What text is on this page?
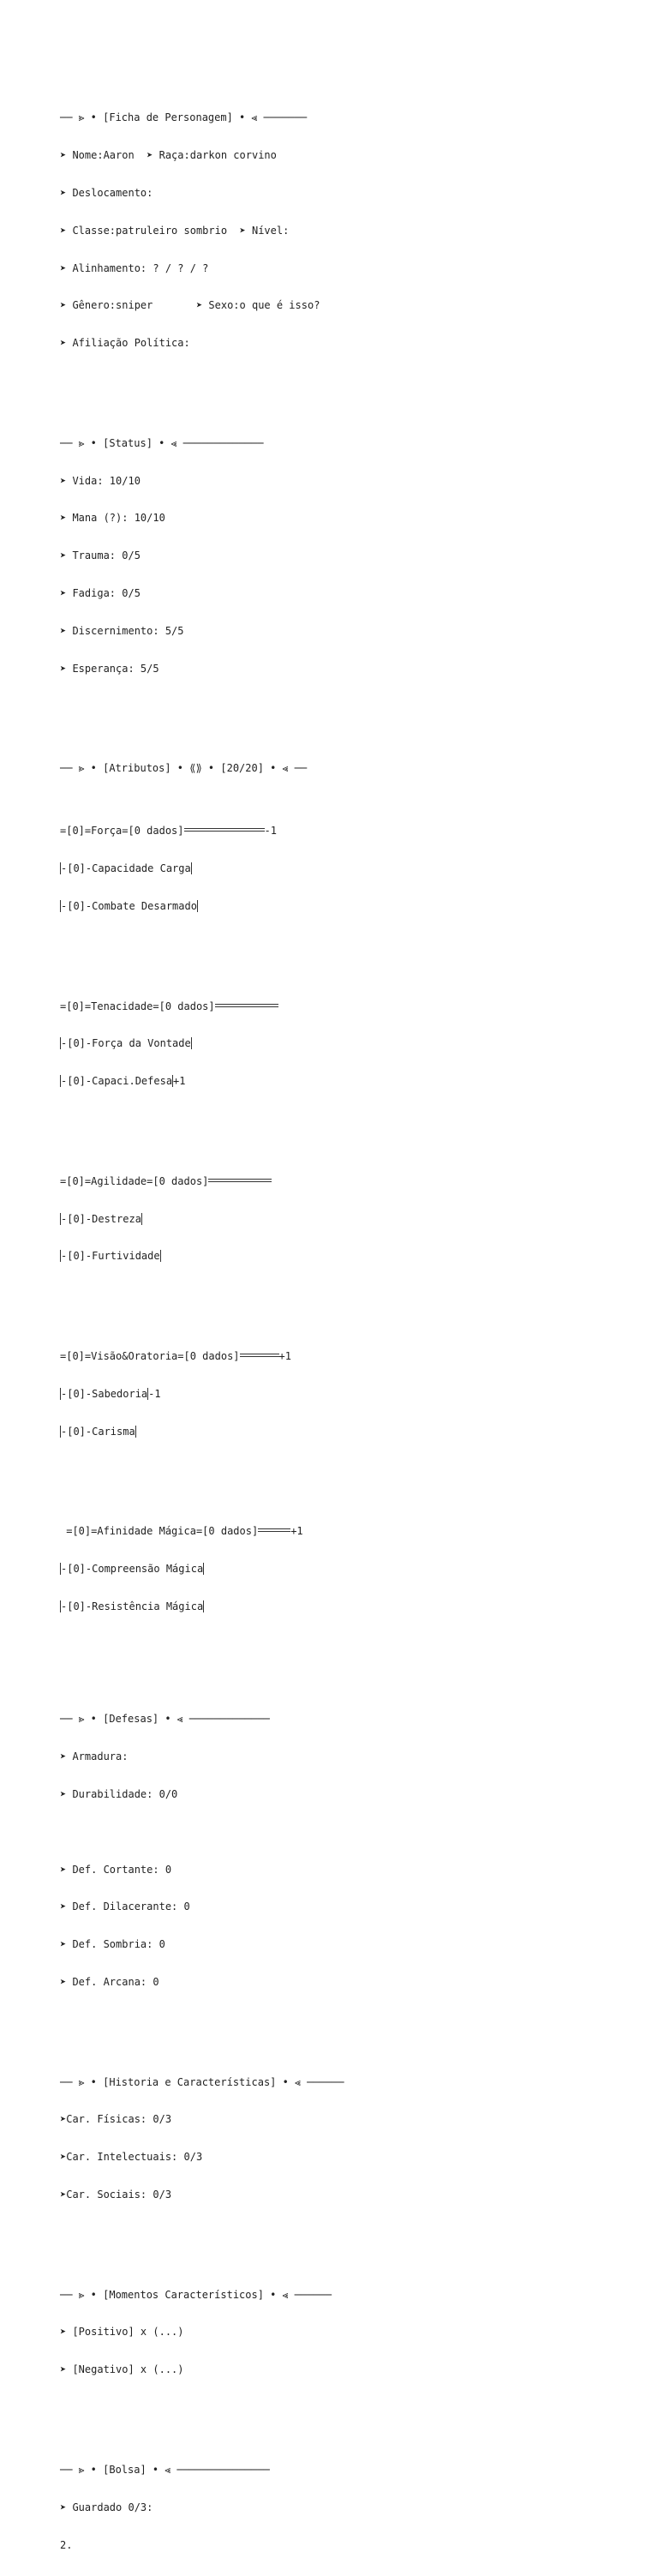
── ⪢ • [Ficha de Personagem] • ⪡ ───────

➤ Nome:Aaron  ➤ Raça:darkon corvino

➤ Deslocamento:

➤ Classe:patruleiro sombrio  ➤ Nível:

➤ Alinhamento: ? / ? / ?

➤ Gênero:sniper       ➤ Sexo:o que é isso?

➤ Afiliação Política:

── ⪢ • [Status] • ⪡ ─────────────

➤ Vida: 10/10

➤ Mana (?): 10/10

➤ Trauma: 0/5

➤ Fadiga: 0/5

➤ Discernimento: 5/5

➤ Esperança: 5/5

── ⪢ • [Atributos] • ⟪⟫ • [20/20] • ⪡ ──

=[0]=Força=[0 dados]	-1

-[0]-Capacidade Carga

-[0]-Combate Desarmado

=[0]=Tenacidade=[0 dados]

-[0]-Força da Vontade

-[0]-Capaci.Defesa+1

=[0]=Agilidade=[0 dados]

-[0]-Destreza

-[0]-Furtividade

=[0]=Visão&Oratoria=[0 dados]	+1

-[0]-Sabedoria-1

-[0]-Carisma

=[0]=Afinidade Mágica=[0 dados]	+1

-[0]-Compreensão Mágica

-[0]-Resistência Mágica

── ⪢ • [Defesas] • ⪡ ─────────────

➤ Armadura:

➤ Durabilidade: 0/0

➤ Def. Cortante: 0

➤ Def. Dilacerante: 0

➤ Def. Sombria: 0

➤ Def. Arcana: 0

── ⪢ • [Historia e Características] • ⪡ ──────

➤Car. Físicas: 0/3

➤Car. Intelectuais: 0/3

➤Car. Sociais: 0/3

── ⪢ • [Momentos Característicos] • ⪡ ──────

➤ [Positivo] x (...)

➤ [Negativo] x (...)

── ⪢ • [Bolsa] • ⪡ ───────────────

➤ Guardado 0/3:

2.
